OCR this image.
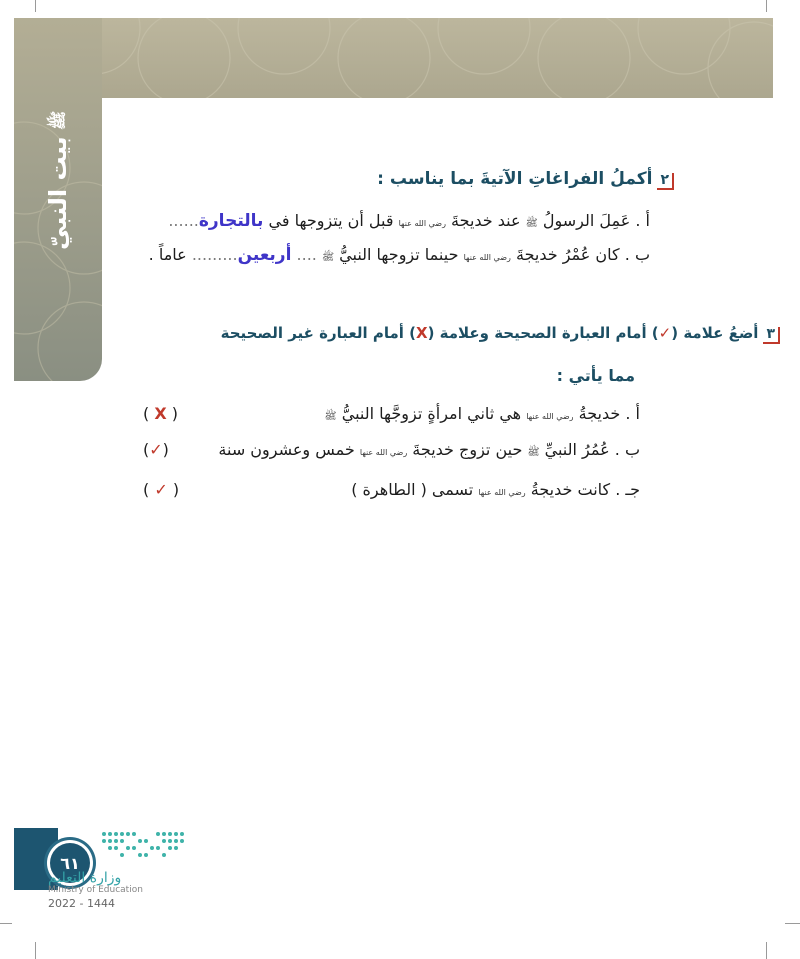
بيت النبيّ
ﷺ
٢أكملُ الفراغاتِ الآتيةَ بما يناسب :
أ . عَمِلَ الرسولُ ﷺ عند خديجةَ رضي الله عنها قبل أن يتزوجها في بالتجارة......
ب . كان عُمْرُ خديجةَ رضي الله عنها حينما تزوجها النبيُّ ﷺ .... أربعين......... عاماً .
٣أضعُ علامة (✓) أمام العبارة الصحيحة وعلامة (X) أمام العبارة غير الصحيحة
مما يأتي :
أ . خديجةُ رضي الله عنها هي ثاني امرأةٍ تزوجَّها النبيُّ ﷺ
( X )
ب . عُمُرُ النبيِّ ﷺ حين تزوج خديجةَ رضي الله عنها خمس وعشرون سنة
(✓)
جـ . كانت خديجةُ رضي الله عنها تسمى ( الطاهرة )
( ✓ )
٦١
وزارة التعليم
Ministry of Education
2022 - 1444
